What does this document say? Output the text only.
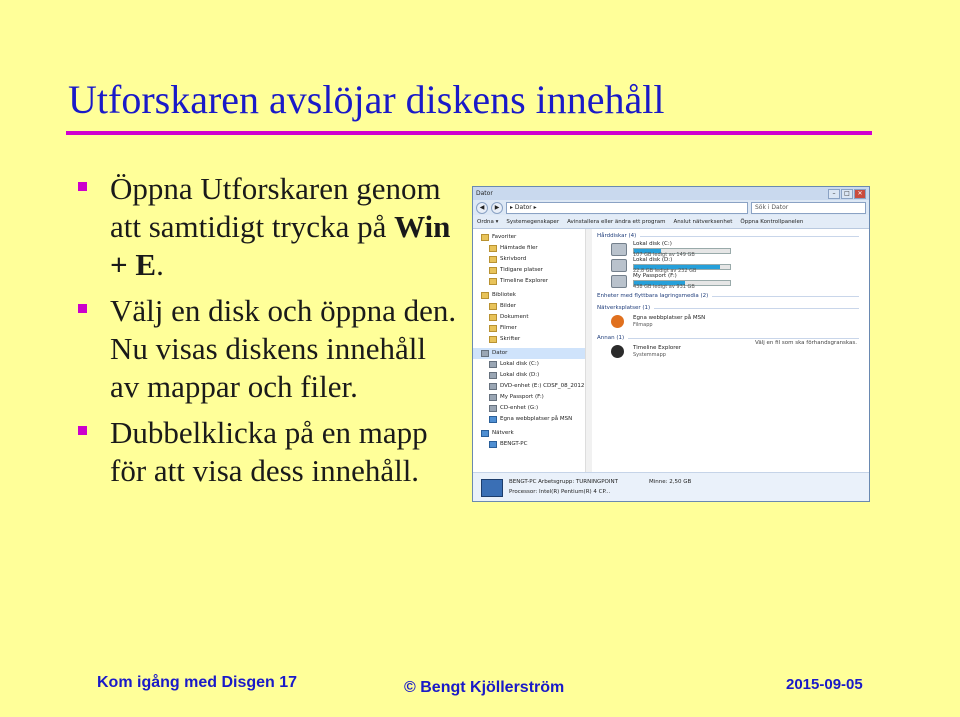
Utforskaren avslöjar diskens innehåll
Öppna Utforskaren genom att samtidigt trycka på Win + E.
Välj en disk och öppna den. Nu visas diskens innehåll av mappar och filer.
Dubbelklicka på en mapp för att visa dess innehåll.
Dator	–	□	✕
◀	▶	▸ Dator ▸	Sök i Dator
Ordna ▾ Systemegenskaper Avinstallera eller ändra ett program Anslut nätverksenhet Öppna Kontrollpanelen
Favoriter
Hämtade filer
Skrivbord
Tidigare platser
Timeline Explorer
Bibliotek
Bilder
Dokument
Filmer
Skrifter
Dator
Lokal disk (C:)
Lokal disk (D:)
DVD-enhet (E:) CDSF_08_2012
My Passport (F:)
CD-enhet (G:)
Egna webbplatser på MSN
Nätverk
BENGT-PC
Hårddiskar (4)
Lokal disk (C:)
107 GB ledigt av 149 GB
Lokal disk (D:)
22,8 GB ledigt av 232 GB
My Passport (F:)
438 GB ledigt av 931 GB
Enheter med flyttbara lagringsmedia (2)
Nätverksplatser (1)
Egna webbplatser på MSN
Filmapp
Annan (1)
Timeline Explorer
Systemmapp
Välj en fil som ska förhandsgranskas.
BENGT-PC Arbetsgrupp: TURNINGPOINT
Processor: Intel(R) Pentium(R) 4 CP...
Minne: 2,50 GB
Kom igång med Disgen 17	© Bengt Kjöllerström	2015-09-05
